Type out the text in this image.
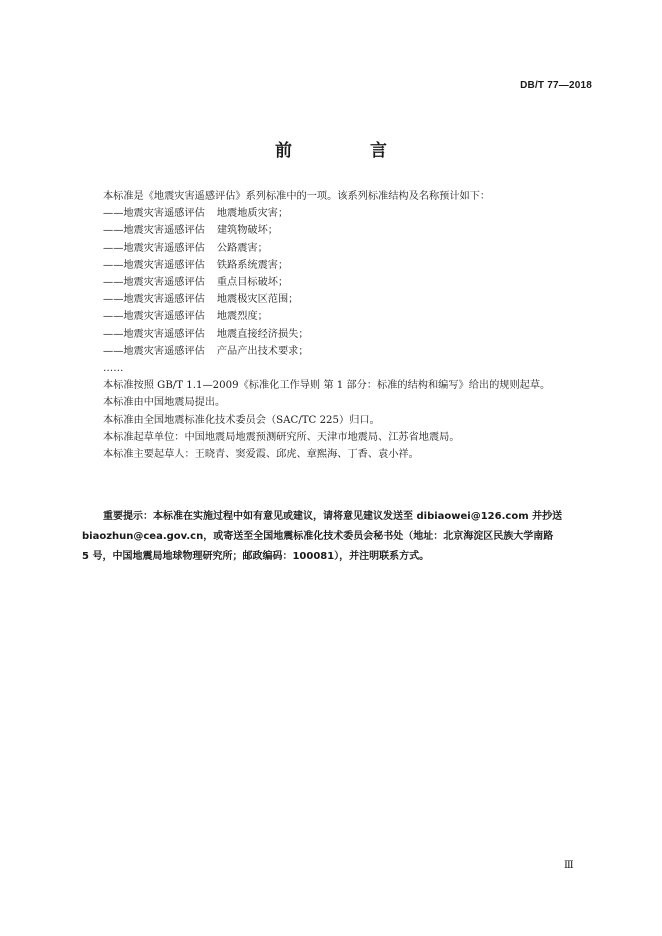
DB/T 77—2018
前 言
本标准是《地震灾害遥感评估》系列标准中的一项。该系列标准结构及名称预计如下：
——地震灾害遥感评估 地震地质灾害；
——地震灾害遥感评估 建筑物破坏；
——地震灾害遥感评估 公路震害；
——地震灾害遥感评估 铁路系统震害；
——地震灾害遥感评估 重点目标破坏；
——地震灾害遥感评估 地震极灾区范围；
——地震灾害遥感评估 地震烈度；
——地震灾害遥感评估 地震直接经济损失；
——地震灾害遥感评估 产品产出技术要求；
……
本标准按照 GB/T 1.1—2009《标准化工作导则 第 1 部分：标准的结构和编写》给出的规则起草。
本标准由中国地震局提出。
本标准由全国地震标准化技术委员会（SAC/TC 225）归口。
本标准起草单位：中国地震局地震预测研究所、天津市地震局、江苏省地震局。
本标准主要起草人：王晓青、窦爱霞、邱虎、章熙海、丁香、袁小祥。
重要提示：本标准在实施过程中如有意见或建议，请将意见建议发送至 dibiaowei@126.com 并抄送
biaozhun@cea.gov.cn，或寄送至全国地震标准化技术委员会秘书处（地址：北京海淀区民族大学南路
5 号，中国地震局地球物理研究所；邮政编码：100081），并注明联系方式。
Ⅲ
